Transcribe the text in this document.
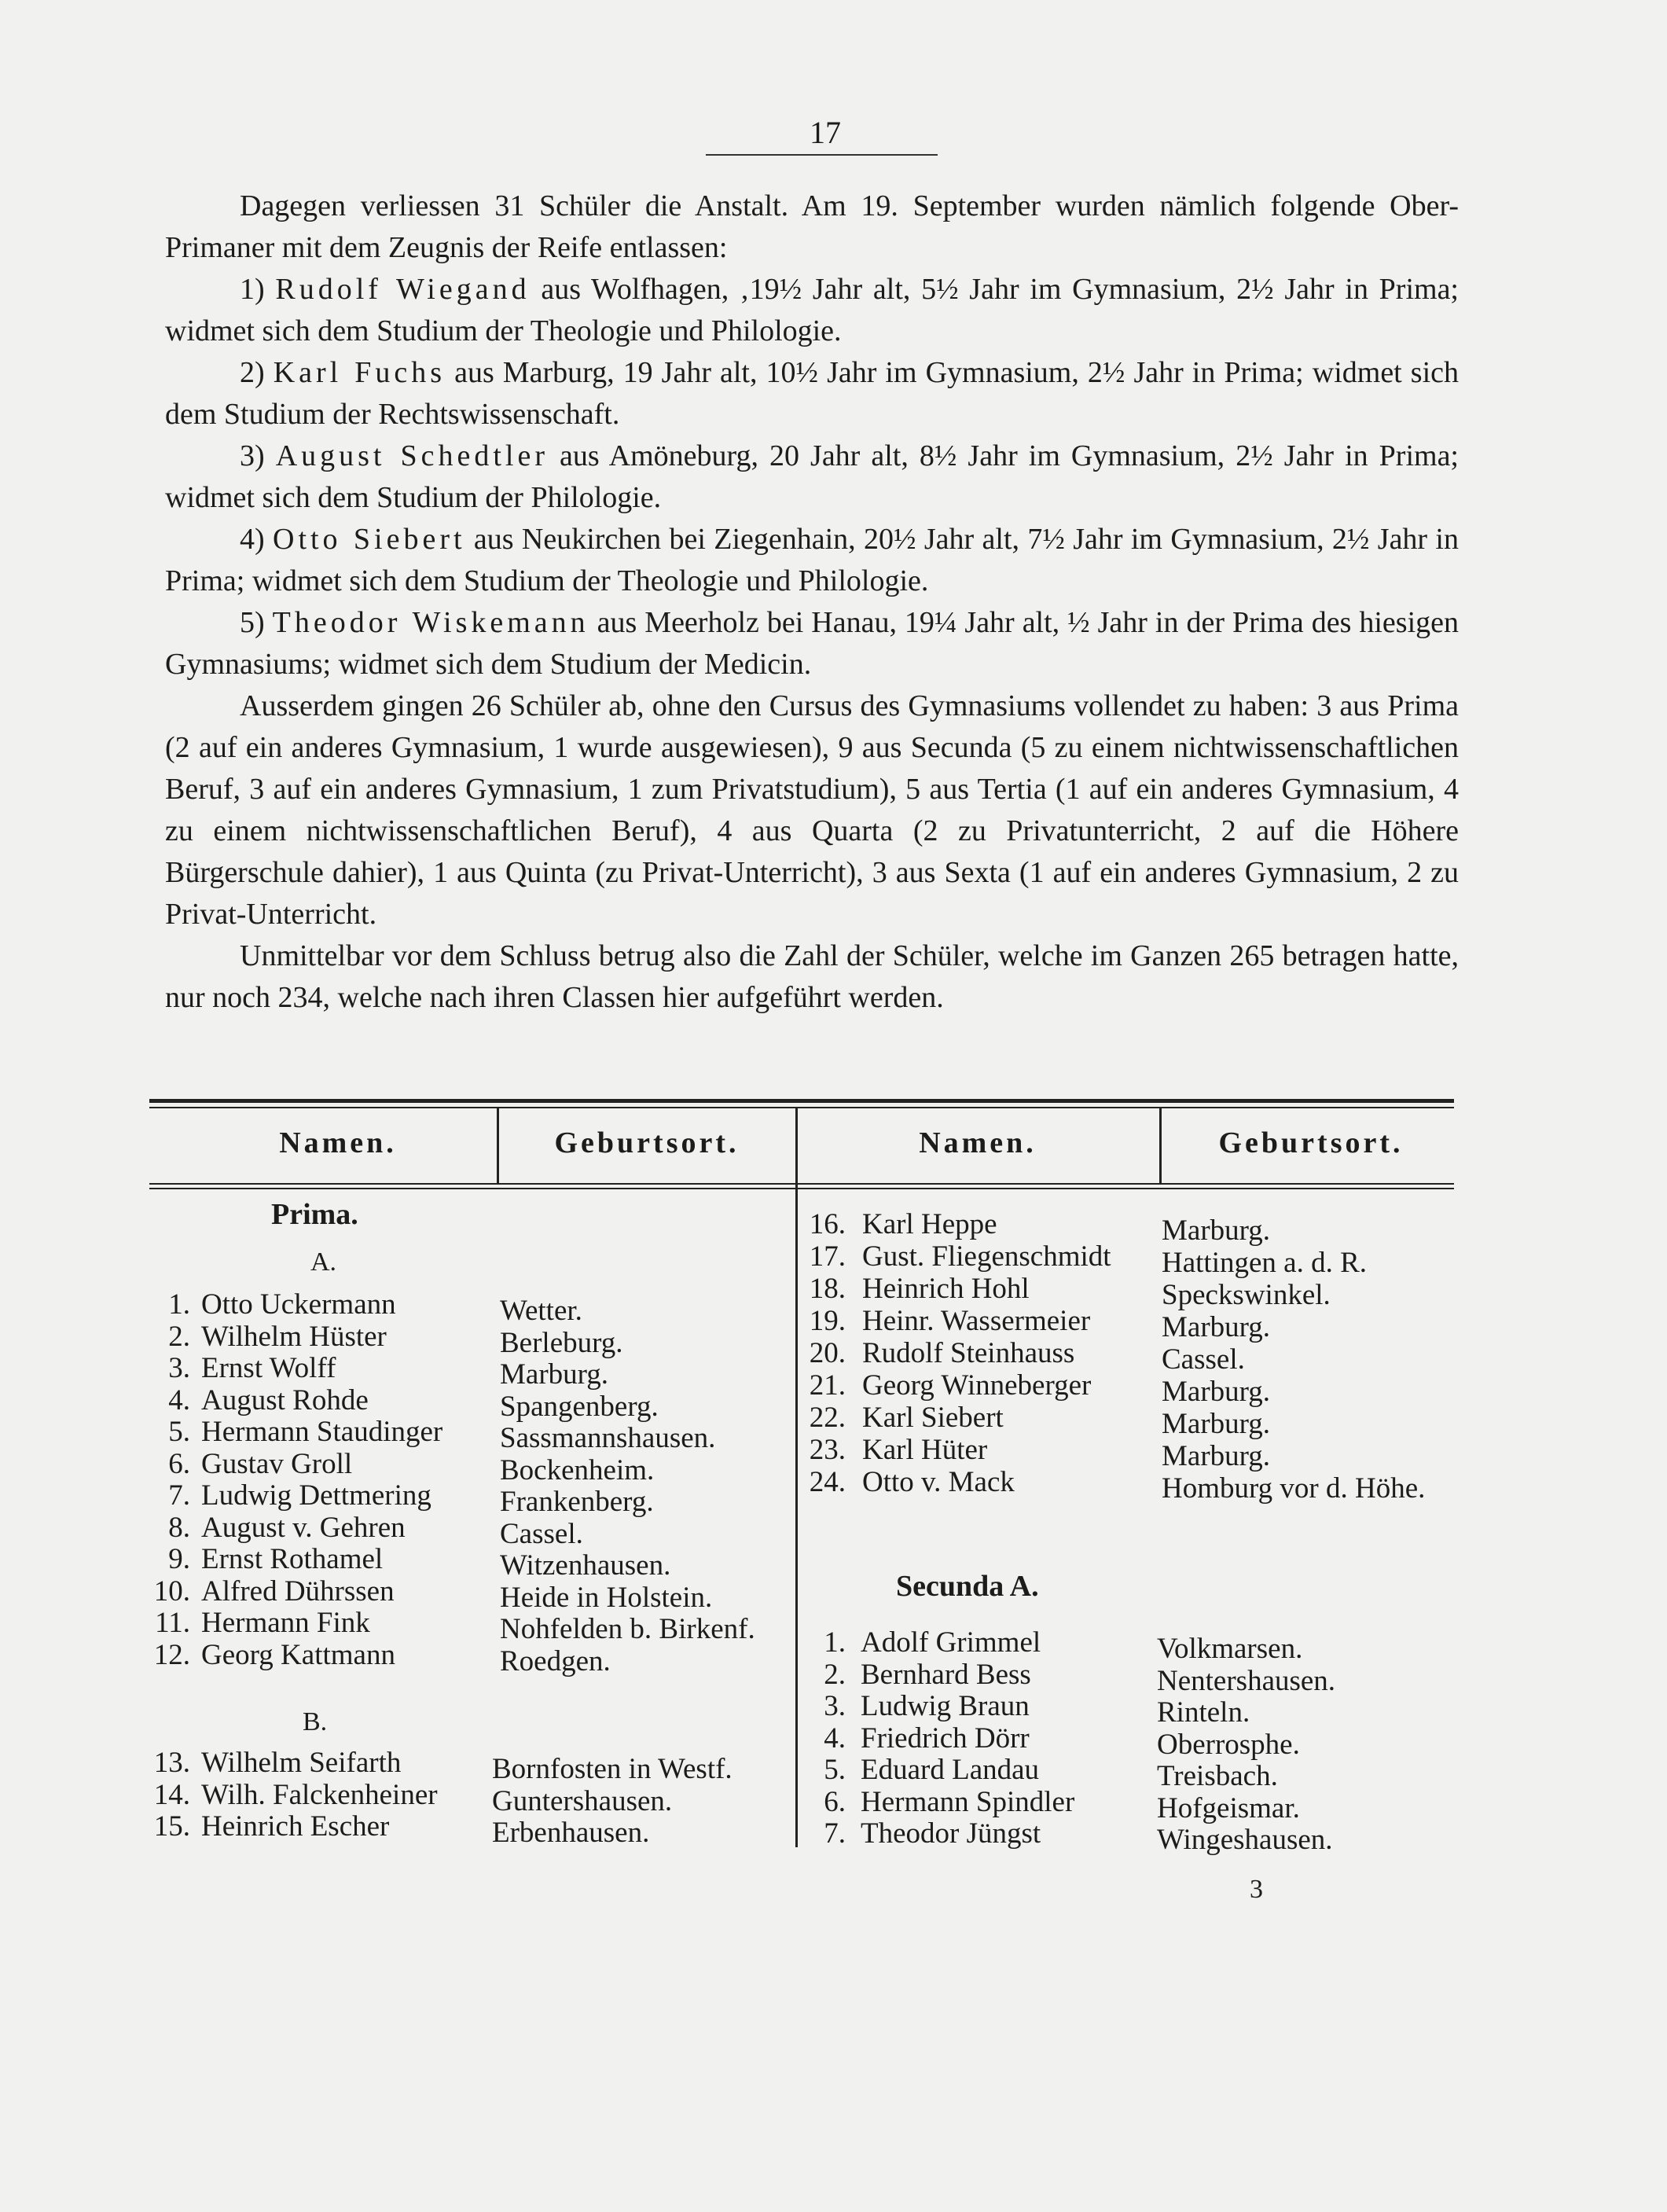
17

Dagegen verliessen 31 Schüler die Anstalt. Am 19. September wurden nämlich folgende Ober-Primaner mit dem Zeugnis der Reife entlassen:

1) Rudolf Wiegand aus Wolfhagen, ‚19½ Jahr alt, 5½ Jahr im Gymnasium, 2½ Jahr in Prima; widmet sich dem Studium der Theologie und Philologie.

2) Karl Fuchs aus Marburg, 19 Jahr alt, 10½ Jahr im Gymnasium, 2½ Jahr in Prima; widmet sich dem Studium der Rechtswissenschaft.

3) August Schedtler aus Amöneburg, 20 Jahr alt, 8½ Jahr im Gymnasium, 2½ Jahr in Prima; widmet sich dem Studium der Philologie.

4) Otto Siebert aus Neukirchen bei Ziegenhain, 20½ Jahr alt, 7½ Jahr im Gymnasium, 2½ Jahr in Prima; widmet sich dem Studium der Theologie und Philologie.

5) Theodor Wiskemann aus Meerholz bei Hanau, 19¼ Jahr alt, ½ Jahr in der Prima des hiesigen Gymnasiums; widmet sich dem Studium der Medicin.

Ausserdem gingen 26 Schüler ab, ohne den Cursus des Gymnasiums vollendet zu haben: 3 aus Prima (2 auf ein anderes Gymnasium, 1 wurde ausgewiesen), 9 aus Secunda (5 zu einem nichtwissenschaftlichen Beruf, 3 auf ein anderes Gymnasium, 1 zum Privatstudium), 5 aus Tertia (1 auf ein anderes Gymnasium, 4 zu einem nichtwissenschaftlichen Beruf), 4 aus Quarta (2 zu Privatunterricht, 2 auf die Höhere Bürgerschule dahier), 1 aus Quinta (zu Privat-Unterricht), 3 aus Sexta (1 auf ein anderes Gymnasium, 2 zu Privat-Unterricht.

Unmittelbar vor dem Schluss betrug also die Zahl der Schüler, welche im Ganzen 265 betragen hatte, nur noch 234, welche nach ihren Classen hier aufgeführt werden.

Namen.	Geburtsort.	Namen.	Geburtsort.
Prima.
A.
1. Otto Uckermann	Wetter.
2. Wilhelm Hüster	Berleburg.
3. Ernst Wolff	Marburg.
4. August Rohde	Spangenberg.
5. Hermann Staudinger Sassmannshausen.
6. Gustav Groll	Bockenheim.
7. Ludwig Dettmering Frankenberg.
8. August v. Gehren	Cassel.
9. Ernst Rothamel	Witzenhausen.
10. Alfred Dührssen	Heide in Holstein.
11. Hermann Fink	Nohfelden b. Birkenf.
12. Georg Kattmann	Roedgen.
B.
13. Wilhelm Seifarth	Bornfosten in Westf.
14. Wilh. Falckenheiner Guntershausen.
15. Heinrich Escher	Erbenhausen.
16. Karl Heppe	Marburg.
17. Gust. Fliegenschmidt Hattingen a. d. R.
18. Heinrich Hohl	Speckswinkel.
19. Heinr. Wassermeier Marburg.
20. Rudolf Steinhauss	Cassel.
21. Georg Winneberger Marburg.
22. Karl Siebert	Marburg.
23. Karl Hüter	Marburg.
24. Otto v. Mack	Homburg vor d. Höhe.
Secunda A.
1. Adolf Grimmel	Volkmarsen.
2. Bernhard Bess	Nentershausen.
3. Ludwig Braun	Rinteln.
4. Friedrich Dörr	Oberrosphe.
5. Eduard Landau	Treisbach.
6. Hermann Spindler	Hofgeismar.
7. Theodor Jüngst	Wingeshausen.
3
